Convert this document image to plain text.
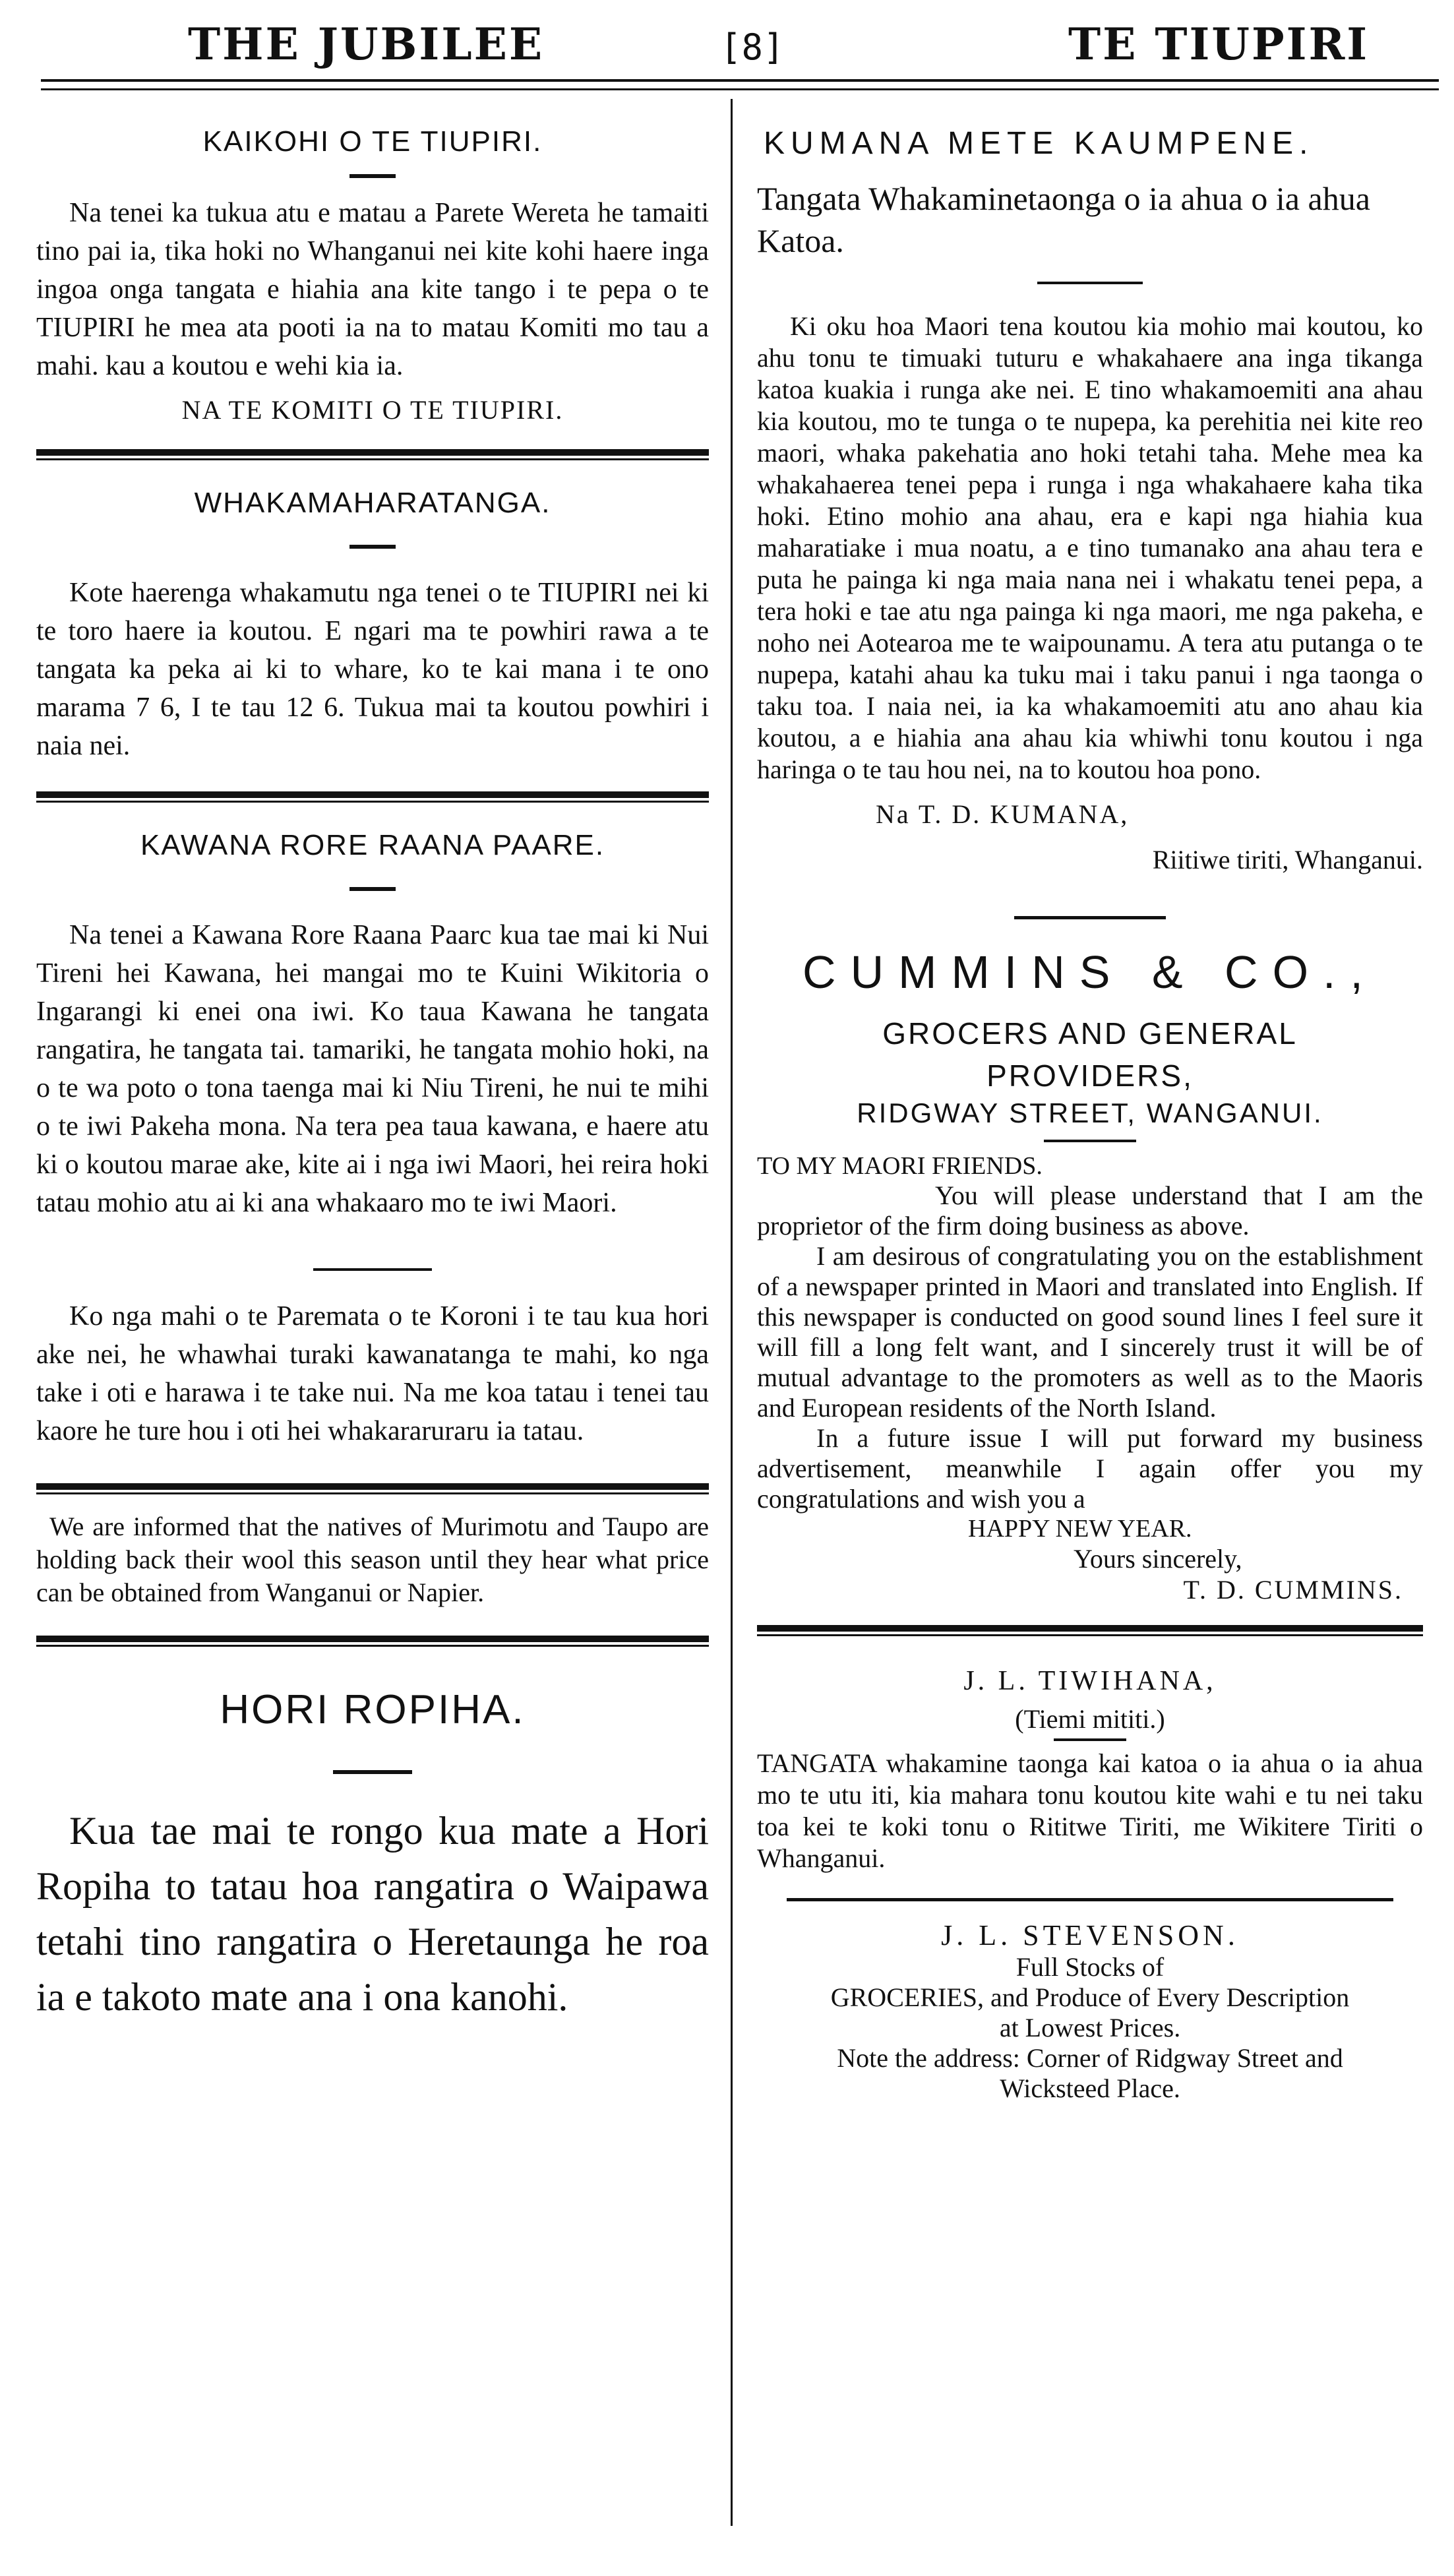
THE JUBILEE	[8]	TE TIUPIRI
KAIKOHI O TE TIUPIRI.

Na tenei ka tukua atu e matau a Parete Wereta he tamaiti tino pai ia, tika hoki no Whanganui nei kite kohi haere inga ingoa onga tangata e hiahia ana kite tango i te pepa o te TIUPIRI he mea ata pooti ia na to matau Komiti mo tau a mahi. kau a koutou e wehi kia ia.

NA TE KOMITI O TE TIUPIRI.
WHAKAMAHARATANGA.

Kote haerenga whakamutu nga tenei o te TIUPIRI nei ki te toro haere ia koutou. E ngari ma te powhiri rawa a te tangata ka peka ai ki to whare, ko te kai mana i te ono marama 7 6, I te tau 12 6. Tukua mai ta koutou powhiri i naia nei.

KAWANA RORE RAANA PAARE.

Na tenei a Kawana Rore Raana Paarc kua tae mai ki Nui Tireni hei Kawana, hei mangai mo te Kuini Wikitoria o Ingarangi ki enei ona iwi. Ko taua Kawana he tangata rangatira, he tangata tai. tamariki, he tangata mohio hoki, na o te wa poto o tona taenga mai ki Niu Tireni, he nui te mihi o te iwi Pakeha mona. Na tera pea taua kawana, e haere atu ki o koutou marae ake, kite ai i nga iwi Maori, hei reira hoki tatau mohio atu ai ki ana whakaaro mo te iwi Maori.

Ko nga mahi o te Paremata o te Koroni i te tau kua hori ake nei, he whawhai turaki kawanatanga te mahi, ko nga take i oti e harawa i te take nui. Na me koa tatau i tenei tau kaore he ture hou i oti hei whakararuraru ia tatau.

We are informed that the natives of Murimotu and Taupo are holding back their wool this season until they hear what price can be obtained from Wanganui or Napier.

HORI ROPIHA.

Kua tae mai te rongo kua mate a Hori Ropiha to tatau hoa rangatira o Waipawa tetahi tino rangatira o Heretaunga he roa ia e takoto mate ana i ona kanohi.

KUMANA METE KAUMPENE.

Tangata Whakaminetaonga o ia ahua o ia ahua Katoa.

Ki oku hoa Maori tena koutou kia mohio mai koutou, ko ahu tonu te timuaki tuturu e whakahaere ana inga tikanga katoa kuakia i runga ake nei. E tino whakamoemiti ana ahau kia koutou, mo te tunga o te nupepa, ka perehitia nei kite reo maori, whaka pakehatia ano hoki tetahi taha. Mehe mea ka whakahaerea tenei pepa i runga i nga whakahaere kaha tika hoki. Etino mohio ana ahau, era e kapi nga hiahia kua maharatiake i mua noatu, a e tino tumanako ana ahau tera e puta he painga ki nga maia nana nei i whakatu tenei pepa, a tera hoki e tae atu nga painga ki nga maori, me nga pakeha, e noho nei Aotearoa me te waipounamu. A tera atu putanga o te nupepa, katahi ahau ka tuku mai i taku panui i nga taonga o taku toa. I naia nei, ia ka whakamoemiti atu ano ahau kia koutou, a e hiahia ana ahau kia whiwhi tonu koutou i nga haringa o te tau hou nei, na to koutou hoa pono.

Na T. D. KUMANA,
Riitiwe tiriti, Whanganui.
CUMMINS & CO.,
GROCERS AND GENERAL
PROVIDERS,
RIDGWAY STREET, WANGANUI.
TO MY MAORI FRIENDS.

You will please understand that I am the proprietor of the firm doing business as above.

I am desirous of congratulating you on the establishment of a newspaper printed in Maori and translated into English. If this newspaper is conducted on good sound lines I feel sure it will fill a long felt want, and I sincerely trust it will be of mutual advantage to the promoters as well as to the Maoris and European residents of the North Island.

In a future issue I will put forward my business advertisement, meanwhile I again offer you my congratulations and wish you a

HAPPY NEW YEAR.
Yours sincerely,
T. D. CUMMINS.
J. L. TIWIHANA,
(Tiemi mititi.)

TANGATA whakamine taonga kai katoa o ia ahua o ia ahua mo te utu iti, kia mahara tonu koutou kite wahi e tu nei taku toa kei te koki tonu o Rititwe Tiriti, me Wikitere Tiriti o Whanganui.

J. L. STEVENSON.
Full Stocks of
GROCERIES, and Produce of Every Description
at Lowest Prices.
Note the address: Corner of Ridgway Street and
Wicksteed Place.
